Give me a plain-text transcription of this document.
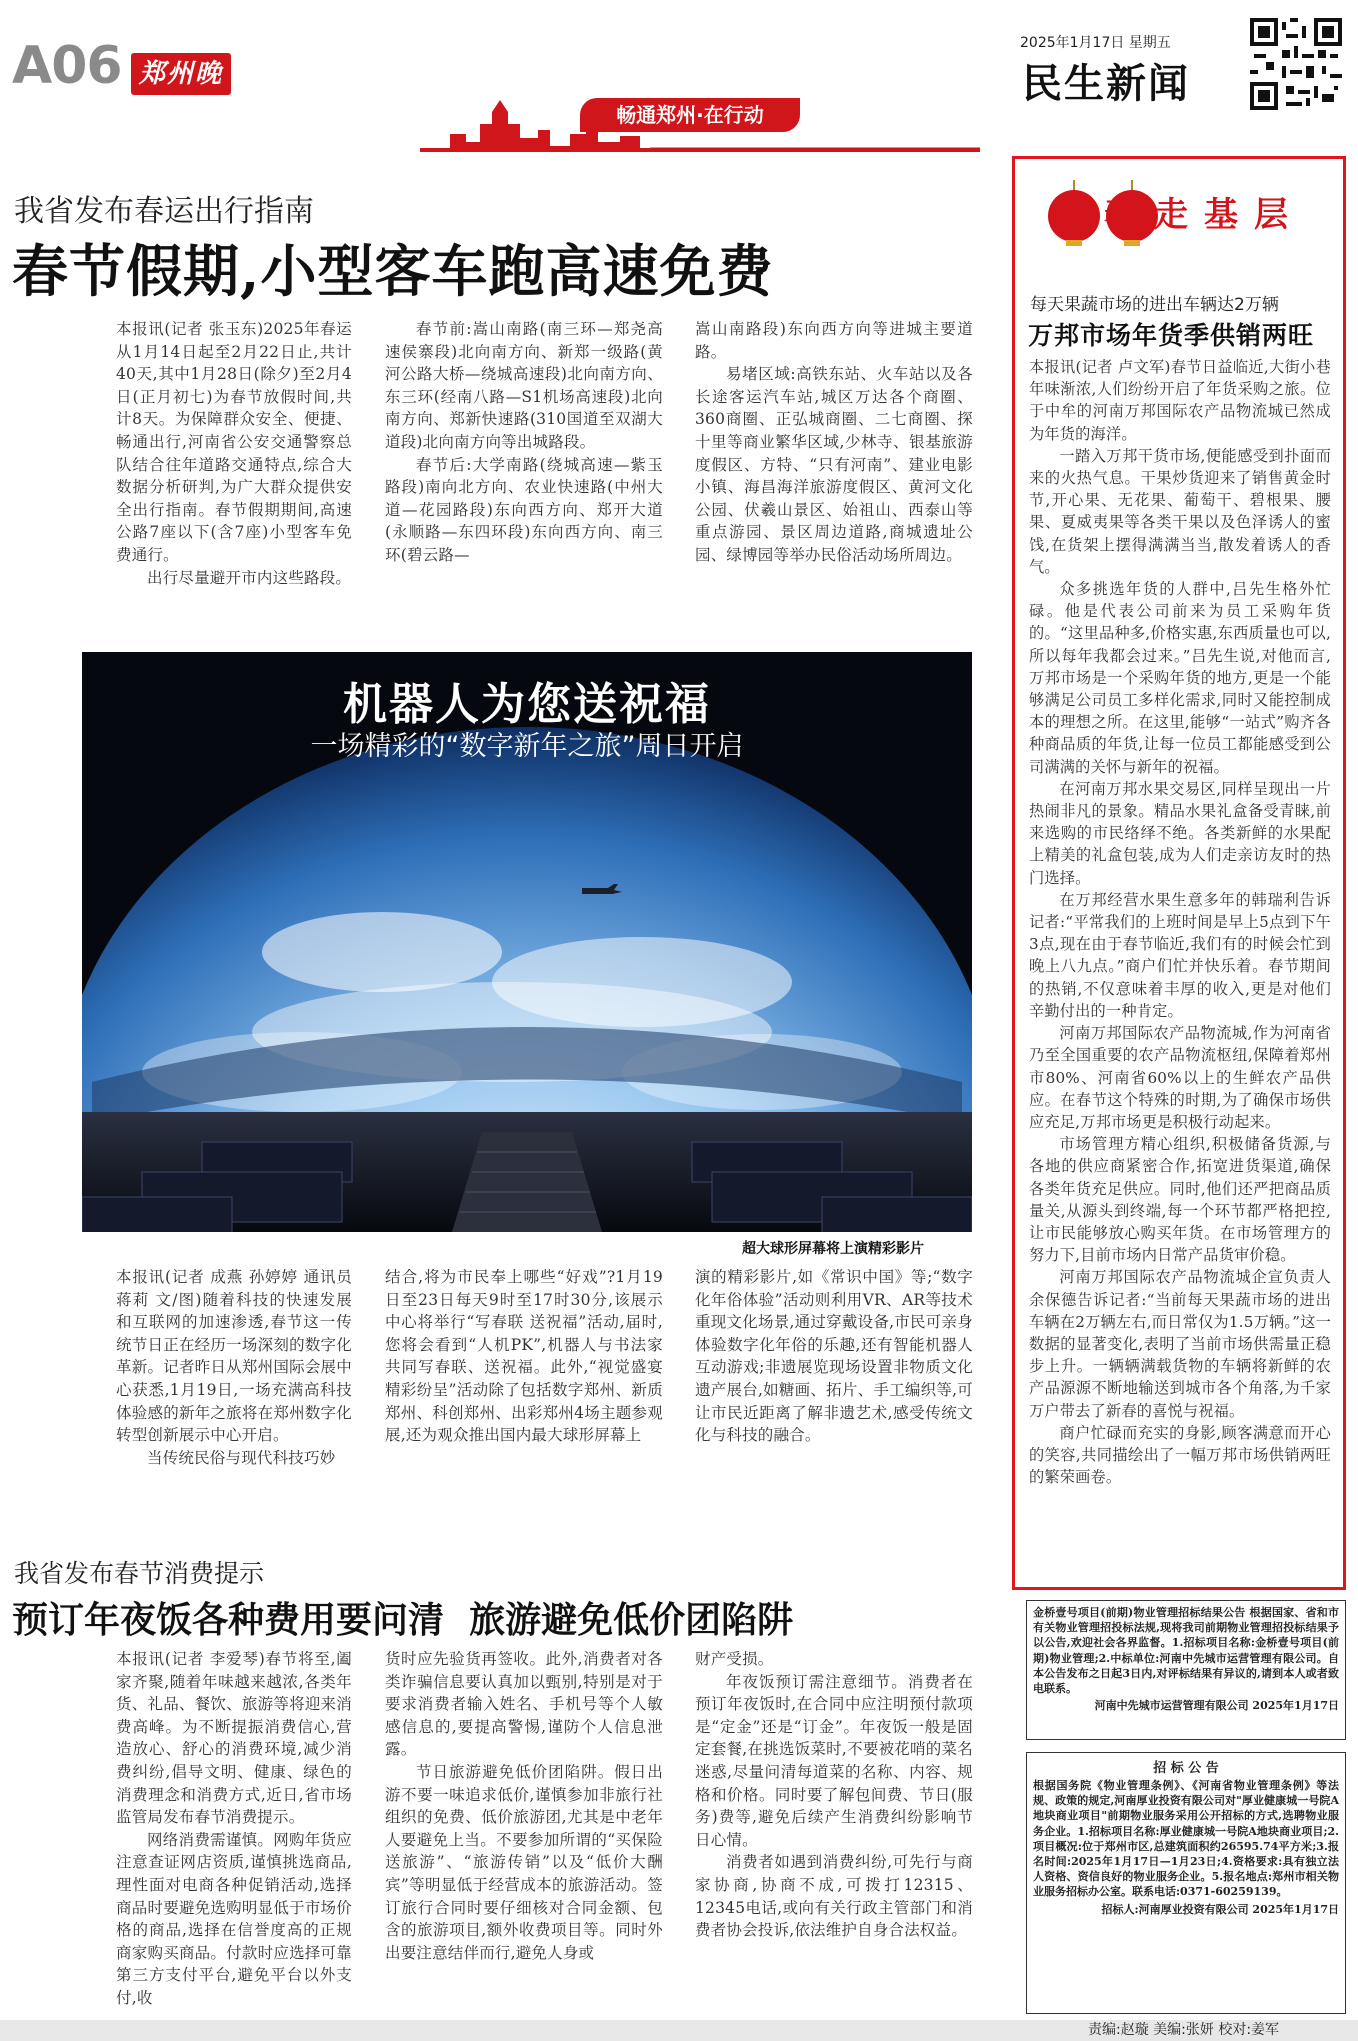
A06 郑州晚报	畅通郑州·在行动
2025年1月17日 星期五
民生新闻
我省发布春运出行指南
春节假期,小型客车跑高速免费

本报讯(记者 张玉东)2025年春运从1月14日起至2月22日止,共计40天,其中1月28日(除夕)至2月4日(正月初七)为春节放假时间,共计8天。为保障群众安全、便捷、畅通出行,河南省公安交通警察总队结合往年道路交通特点,综合大数据分析研判,为广大群众提供安全出行指南。春节假期期间,高速公路7座以下(含7座)小型客车免费通行。

出行尽量避开市内这些路段。

春节前:嵩山南路(南三环—郑尧高速侯寨段)北向南方向、新郑一级路(黄河公路大桥—绕城高速段)北向南方向、东三环(经南八路—S1机场高速段)北向南方向、郑新快速路(310国道至双湖大道段)北向南方向等出城路段。

春节后:大学南路(绕城高速—紫玉路段)南向北方向、农业快速路(中州大道—花园路段)东向西方向、郑开大道(永顺路—东四环段)东向西方向、南三环(碧云路—

嵩山南路段)东向西方向等进城主要道路。

易堵区域:高铁东站、火车站以及各长途客运汽车站,城区万达各个商圈、360商圈、正弘城商圈、二七商圈、探十里等商业繁华区域,少林寺、银基旅游度假区、方特、“只有河南”、建业电影小镇、海昌海洋旅游度假区、黄河文化公园、伏羲山景区、始祖山、西泰山等重点游园、景区周边道路,商城遗址公园、绿博园等举办民俗活动场所周边。

机器人为您送祝福
一场精彩的“数字新年之旅”周日开启
超大球形屏幕将上演精彩影片

本报讯(记者 成燕 孙婷婷 通讯员 蒋莉 文/图)随着科技的快速发展和互联网的加速渗透,春节这一传统节日正在经历一场深刻的数字化革新。记者昨日从郑州国际会展中心获悉,1月19日,一场充满高科技体验感的新年之旅将在郑州数字化转型创新展示中心开启。

当传统民俗与现代科技巧妙

结合,将为市民奉上哪些“好戏”?1月19日至23日每天9时至17时30分,该展示中心将举行“写春联 送祝福”活动,届时,您将会看到“人机PK”,机器人与书法家共同写春联、送祝福。此外,“视觉盛宴 精彩纷呈”活动除了包括数字郑州、新质郑州、科创郑州、出彩郑州4场主题参观展,还为观众推出国内最大球形屏幕上

演的精彩影片,如《常识中国》等;“数字化年俗体验”活动则利用VR、AR等技术重现文化场景,通过穿戴设备,市民可亲身体验数字化年俗的乐趣,还有智能机器人互动游戏;非遗展览现场设置非物质文化遗产展台,如糖画、拓片、手工编织等,可让市民近距离了解非遗艺术,感受传统文化与科技的融合。

我省发布春节消费提示
预订年夜饭各种费用要问清  旅游避免低价团陷阱

本报讯(记者 李爱琴)春节将至,阖家齐聚,随着年味越来越浓,各类年货、礼品、餐饮、旅游等将迎来消费高峰。为不断提振消费信心,营造放心、舒心的消费环境,减少消费纠纷,倡导文明、健康、绿色的消费理念和消费方式,近日,省市场监管局发布春节消费提示。

网络消费需谨慎。网购年货应注意查证网店资质,谨慎挑选商品,理性面对电商各种促销活动,选择商品时要避免选购明显低于市场价格的商品,选择在信誉度高的正规商家购买商品。付款时应选择可靠第三方支付平台,避免平台以外支付,收

货时应先验货再签收。此外,消费者对各类诈骗信息要认真加以甄别,特别是对于要求消费者输入姓名、手机号等个人敏感信息的,要提高警惕,谨防个人信息泄露。

节日旅游避免低价团陷阱。假日出游不要一味追求低价,谨慎参加非旅行社组织的免费、低价旅游团,尤其是中老年人要避免上当。不要参加所谓的“买保险送旅游”、“旅游传销”以及“低价大酬宾”等明显低于经营成本的旅游活动。签订旅行合同时要仔细核对合同金额、包含的旅游项目,额外收费项目等。同时外出要注意结伴而行,避免人身或

财产受损。

年夜饭预订需注意细节。消费者在预订年夜饭时,在合同中应注明预付款项是“定金”还是“订金”。年夜饭一般是固定套餐,在挑选饭菜时,不要被花哨的菜名迷惑,尽量问清每道菜的名称、内容、规格和价格。同时要了解包间费、节日(服务)费等,避免后续产生消费纠纷影响节日心情。

消费者如遇到消费纠纷,可先行与商家协商,协商不成,可拨打12315、12345电话,或向有关行政主管部门和消费者协会投诉,依法维护自身合法权益。

新春走基层
每天果蔬市场的进出车辆达2万辆
万邦市场年货季供销两旺

本报讯(记者 卢文军)春节日益临近,大街小巷年味渐浓,人们纷纷开启了年货采购之旅。位于中牟的河南万邦国际农产品物流城已然成为年货的海洋。

一踏入万邦干货市场,便能感受到扑面而来的火热气息。干果炒货迎来了销售黄金时节,开心果、无花果、葡萄干、碧根果、腰果、夏威夷果等各类干果以及色泽诱人的蜜饯,在货架上摆得满满当当,散发着诱人的香气。

众多挑选年货的人群中,吕先生格外忙碌。他是代表公司前来为员工采购年货的。“这里品种多,价格实惠,东西质量也可以,所以每年我都会过来。”吕先生说,对他而言,万邦市场是一个采购年货的地方,更是一个能够满足公司员工多样化需求,同时又能控制成本的理想之所。在这里,能够“一站式”购齐各种商品质的年货,让每一位员工都能感受到公司满满的关怀与新年的祝福。

在河南万邦水果交易区,同样呈现出一片热闹非凡的景象。精品水果礼盒备受青睐,前来选购的市民络绎不绝。各类新鲜的水果配上精美的礼盒包装,成为人们走亲访友时的热门选择。

在万邦经营水果生意多年的韩瑞利告诉记者:“平常我们的上班时间是早上5点到下午3点,现在由于春节临近,我们有的时候会忙到晚上八九点。”商户们忙并快乐着。春节期间的热销,不仅意味着丰厚的收入,更是对他们辛勤付出的一种肯定。

河南万邦国际农产品物流城,作为河南省乃至全国重要的农产品物流枢纽,保障着郑州市80%、河南省60%以上的生鲜农产品供应。在春节这个特殊的时期,为了确保市场供应充足,万邦市场更是积极行动起来。

市场管理方精心组织,积极储备货源,与各地的供应商紧密合作,拓宽进货渠道,确保各类年货充足供应。同时,他们还严把商品质量关,从源头到终端,每一个环节都严格把控,让市民能够放心购买年货。在市场管理方的努力下,目前市场内日常产品货审价稳。

河南万邦国际农产品物流城企宣负责人余保德告诉记者:“当前每天果蔬市场的进出车辆在2万辆左右,而日常仅为1.5万辆。”这一数据的显著变化,表明了当前市场供需量正稳步上升。一辆辆满载货物的车辆将新鲜的农产品源源不断地输送到城市各个角落,为千家万户带去了新春的喜悦与祝福。

商户忙碌而充实的身影,顾客满意而开心的笑容,共同描绘出了一幅万邦市场供销两旺的繁荣画卷。

金桥壹号项目(前期)物业管理招标结果公告 根据国家、省和市有关物业管理招投标法规,现将我司前期物业管理招投标结果予以公告,欢迎社会各界监督。1.招标项目名称:金桥壹号项目(前期)物业管理;2.中标单位:河南中先城市运营管理有限公司。自本公告发布之日起3日内,对评标结果有异议的,请到本人或者致电联系。
河南中先城市运营管理有限公司 2025年1月17日
招 标 公 告
根据国务院《物业管理条例》、《河南省物业管理条例》等法规、政策的规定,河南厚业投资有限公司对"厚业健康城一号院A地块商业项目"前期物业服务采用公开招标的方式,选聘物业服务企业。1.招标项目名称:厚业健康城一号院A地块商业项目;2.项目概况:位于郑州市区,总建筑面积约26595.74平方米;3.报名时间:2025年1月17日—1月23日;4.资格要求:具有独立法人资格、资信良好的物业服务企业。5.报名地点:郑州市相关物业服务招标办公室。联系电话:0371-60259139。
招标人:河南厚业投资有限公司 2025年1月17日
责编:赵璇 美编:张妍 校对:姜军
